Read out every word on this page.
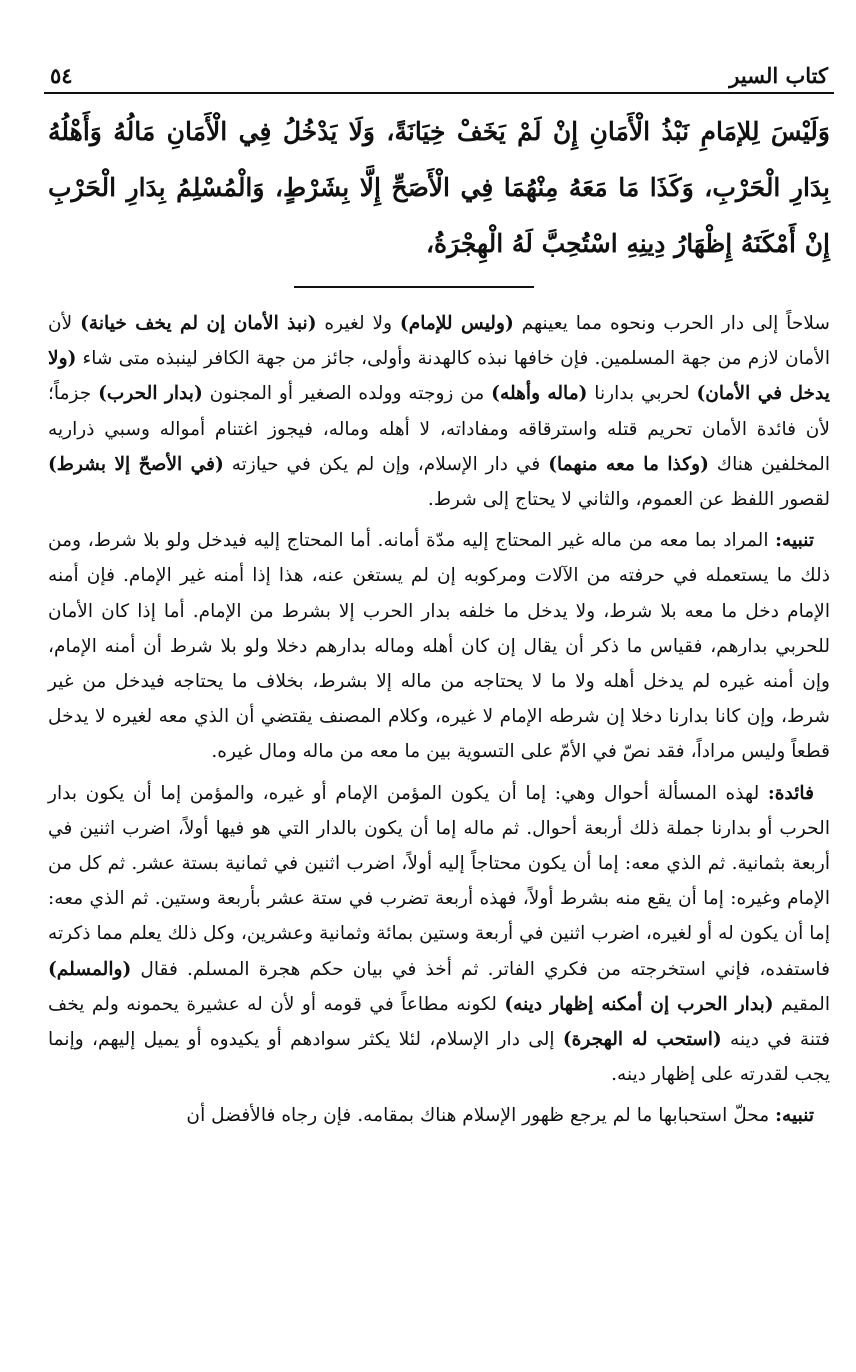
كتاب السير
٥٤
وَلَيْسَ لِلإمَامِ نَبْذُ الْأَمَانِ إِنْ لَمْ يَخَفْ خِيَانَةً، وَلَا يَدْخُلُ فِي الْأَمَانِ مَالُهُ وَأَهْلُهُ بِدَارِ الْحَرْبِ، وَكَذَا مَا مَعَهُ مِنْهُمَا فِي الْأَصَحِّ إِلَّا بِشَرْطٍ، وَالْمُسْلِمُ بِدَارِ الْحَرْبِ إِنْ أَمْكَنَهُ إِظْهَارُ دِينِهِ اسْتُحِبَّ لَهُ الْهِجْرَةُ،

سلاحاً إلى دار الحرب ونحوه مما يعينهم (وليس للإمام) ولا لغيره (نبذ الأمان إن لم يخف خيانة) لأن الأمان لازم من جهة المسلمين. فإن خافها نبذه كالهدنة وأولى، جائز من جهة الكافر لينبذه متى شاء (ولا يدخل في الأمان) لحربي بدارنا (ماله وأهله) من زوجته وولده الصغير أو المجنون (بدار الحرب) جزماً؛ لأن فائدة الأمان تحريم قتله واسترقاقه ومفاداته، لا أهله وماله، فيجوز اغتنام أمواله وسبي ذراريه المخلفين هناك (وكذا ما معه منهما) في دار الإسلام، وإن لم يكن في حيازته (في الأصحّ إلا بشرط) لقصور اللفظ عن العموم، والثاني لا يحتاج إلى شرط.

تنبيه: المراد بما معه من ماله غير المحتاج إليه مدّة أمانه. أما المحتاج إليه فيدخل ولو بلا شرط، ومن ذلك ما يستعمله في حرفته من الآلات ومركوبه إن لم يستغن عنه، هذا إذا أمنه غير الإمام. فإن أمنه الإمام دخل ما معه بلا شرط، ولا يدخل ما خلفه بدار الحرب إلا بشرط من الإمام. أما إذا كان الأمان للحربي بدارهم، فقياس ما ذكر أن يقال إن كان أهله وماله بدارهم دخلا ولو بلا شرط أن أمنه الإمام، وإن أمنه غيره لم يدخل أهله ولا ما لا يحتاجه من ماله إلا بشرط، بخلاف ما يحتاجه فيدخل من غير شرط، وإن كانا بدارنا دخلا إن شرطه الإمام لا غيره، وكلام المصنف يقتضي أن الذي معه لغيره لا يدخل قطعاً وليس مراداً، فقد نصّ في الأمّ على التسوية بين ما معه من ماله ومال غيره.

فائدة: لهذه المسألة أحوال وهي: إما أن يكون المؤمن الإمام أو غيره، والمؤمن إما أن يكون بدار الحرب أو بدارنا جملة ذلك أربعة أحوال. ثم ماله إما أن يكون بالدار التي هو فيها أولاً، اضرب اثنين في أربعة بثمانية. ثم الذي معه: إما أن يكون محتاجاً إليه أولاً، اضرب اثنين في ثمانية بستة عشر. ثم كل من الإمام وغيره: إما أن يقع منه بشرط أولاً، فهذه أربعة تضرب في ستة عشر بأربعة وستين. ثم الذي معه: إما أن يكون له أو لغيره، اضرب اثنين في أربعة وستين بمائة وثمانية وعشرين، وكل ذلك يعلم مما ذكرته فاستفده، فإني استخرجته من فكري الفاتر. ثم أخذ في بيان حكم هجرة المسلم. فقال (والمسلم) المقيم (بدار الحرب إن أمكنه إظهار دينه) لكونه مطاعاً في قومه أو لأن له عشيرة يحمونه ولم يخف فتنة في دينه (استحب له الهجرة) إلى دار الإسلام، لئلا يكثر سوادهم أو يكيدوه أو يميل إليهم، وإنما يجب لقدرته على إظهار دينه.

تنبيه: محلّ استحبابها ما لم يرجع ظهور الإسلام هناك بمقامه. فإن رجاه فالأفضل أن
